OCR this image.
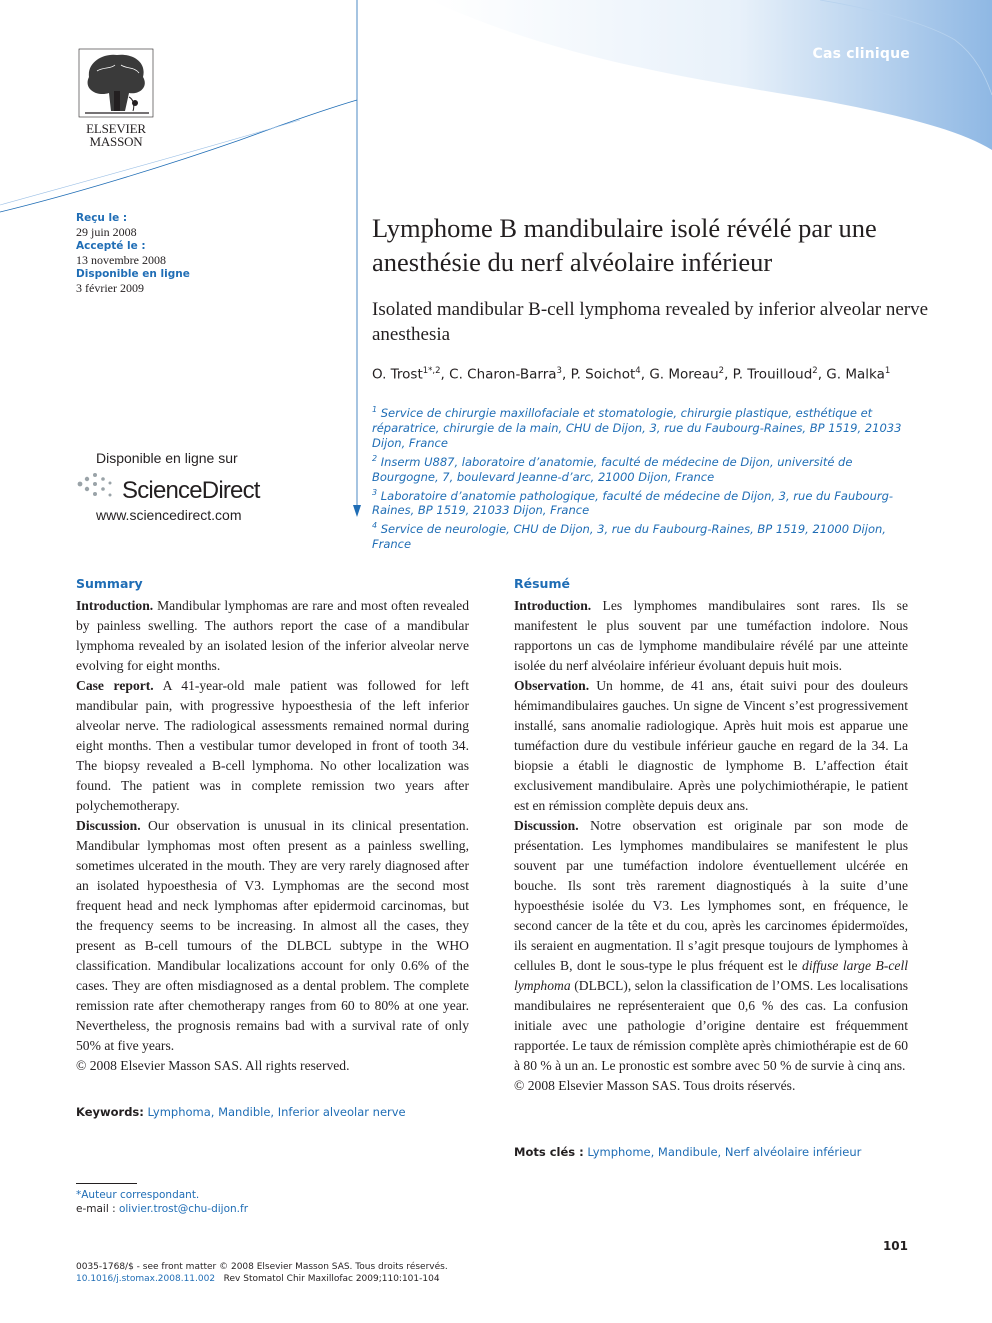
Cas clinique
ELSEVIER
MASSON
Reçu le :
29 juin 2008
Accepté le :
13 novembre 2008
Disponible en ligne
3 février 2009
Disponible en ligne sur
ScienceDirect
www.sciencedirect.com
Lymphome B mandibulaire isolé révélé par une anesthésie du nerf alvéolaire inférieur
Isolated mandibular B-cell lymphoma revealed by inferior alveolar nerve anesthesia
O. Trost$^{1*,2}$, C. Charon-Barra$^3$, P. Soichot$^4$, G. Moreau$^2$, P. Trouilloud$^2$, G. Malka$^1$
$^1$ Service de chirurgie maxillofaciale et stomatologie, chirurgie plastique, esthétique et réparatrice, chirurgie de la main, CHU de Dijon, 3, rue du Faubourg-Raines, BP 1519, 21033 Dijon, France
$^2$ Inserm U887, laboratoire d’anatomie, faculté de médecine de Dijon, université de Bourgogne, 7, boulevard Jeanne-d’arc, 21000 Dijon, France
$^3$ Laboratoire d’anatomie pathologique, faculté de médecine de Dijon, 3, rue du Faubourg-Raines, BP 1519, 21033 Dijon, France
$^4$ Service de neurologie, CHU de Dijon, 3, rue du Faubourg-Raines, BP 1519, 21000 Dijon, France
Summary

Introduction. Mandibular lymphomas are rare and most often revealed by painless swelling. The authors report the case of a mandibular lymphoma revealed by an isolated lesion of the inferior alveolar nerve evolving for eight months.

Case report. A 41-year-old male patient was followed for left mandibular pain, with progressive hypoesthesia of the left inferior alveolar nerve. The radiological assessments remained normal during eight months. Then a vestibular tumor developed in front of tooth 34. The biopsy revealed a B-cell lymphoma. No other localization was found. The patient was in complete remission two years after polychemotherapy.

Discussion. Our observation is unusual in its clinical presentation. Mandibular lymphomas most often present as a painless swelling, sometimes ulcerated in the mouth. They are very rarely diagnosed after an isolated hypoesthesia of V3. Lymphomas are the second most frequent head and neck lymphomas after epidermoid carcinomas, but the frequency seems to be increasing. In almost all the cases, they present as B-cell tumours of the DLBCL subtype in the WHO classification. Mandibular localizations account for only 0.6% of the cases. They are often misdiagnosed as a dental problem. The complete remission rate after chemotherapy ranges from 60 to 80% at one year. Nevertheless, the prognosis remains bad with a survival rate of only 50% at five years.

© 2008 Elsevier Masson SAS. All rights reserved.

Keywords: Lymphoma, Mandible, Inferior alveolar nerve
Résumé

Introduction. Les lymphomes mandibulaires sont rares. Ils se manifestent le plus souvent par une tuméfaction indolore. Nous rapportons un cas de lymphome mandibulaire révélé par une atteinte isolée du nerf alvéolaire inférieur évoluant depuis huit mois.

Observation. Un homme, de 41 ans, était suivi pour des douleurs hémimandibulaires gauches. Un signe de Vincent s’est progressivement installé, sans anomalie radiologique. Après huit mois est apparue une tuméfaction dure du vestibule inférieur gauche en regard de la 34. La biopsie a établi le diagnostic de lymphome B. L’affection était exclusivement mandibulaire. Après une polychimiothérapie, le patient est en rémission complète depuis deux ans.

Discussion. Notre observation est originale par son mode de présentation. Les lymphomes mandibulaires se manifestent le plus souvent par une tuméfaction indolore éventuellement ulcérée en bouche. Ils sont très rarement diagnostiqués à la suite d’une hypoesthésie isolée du V3. Les lymphomes sont, en fréquence, le second cancer de la tête et du cou, après les carcinomes épidermoïdes, ils seraient en augmentation. Il s’agit presque toujours de lymphomes à cellules B, dont le sous-type le plus fréquent est le diffuse large B-cell lymphoma (DLBCL), selon la classification de l’OMS. Les localisations mandibulaires ne représenteraient que 0,6 % des cas. La confusion initiale avec une pathologie d’origine dentaire est fréquemment rapportée. Le taux de rémission complète après chimiothérapie est de 60 à 80 % à un an. Le pronostic est sombre avec 50 % de survie à cinq ans.

© 2008 Elsevier Masson SAS. Tous droits réservés.

Mots clés : Lymphome, Mandibule, Nerf alvéolaire inférieur
*Auteur correspondant.
e-mail : olivier.trost@chu-dijon.fr
101
0035-1768/$ - see front matter © 2008 Elsevier Masson SAS. Tous droits réservés.
10.1016/j.stomax.2008.11.002 Rev Stomatol Chir Maxillofac 2009;110:101-104
